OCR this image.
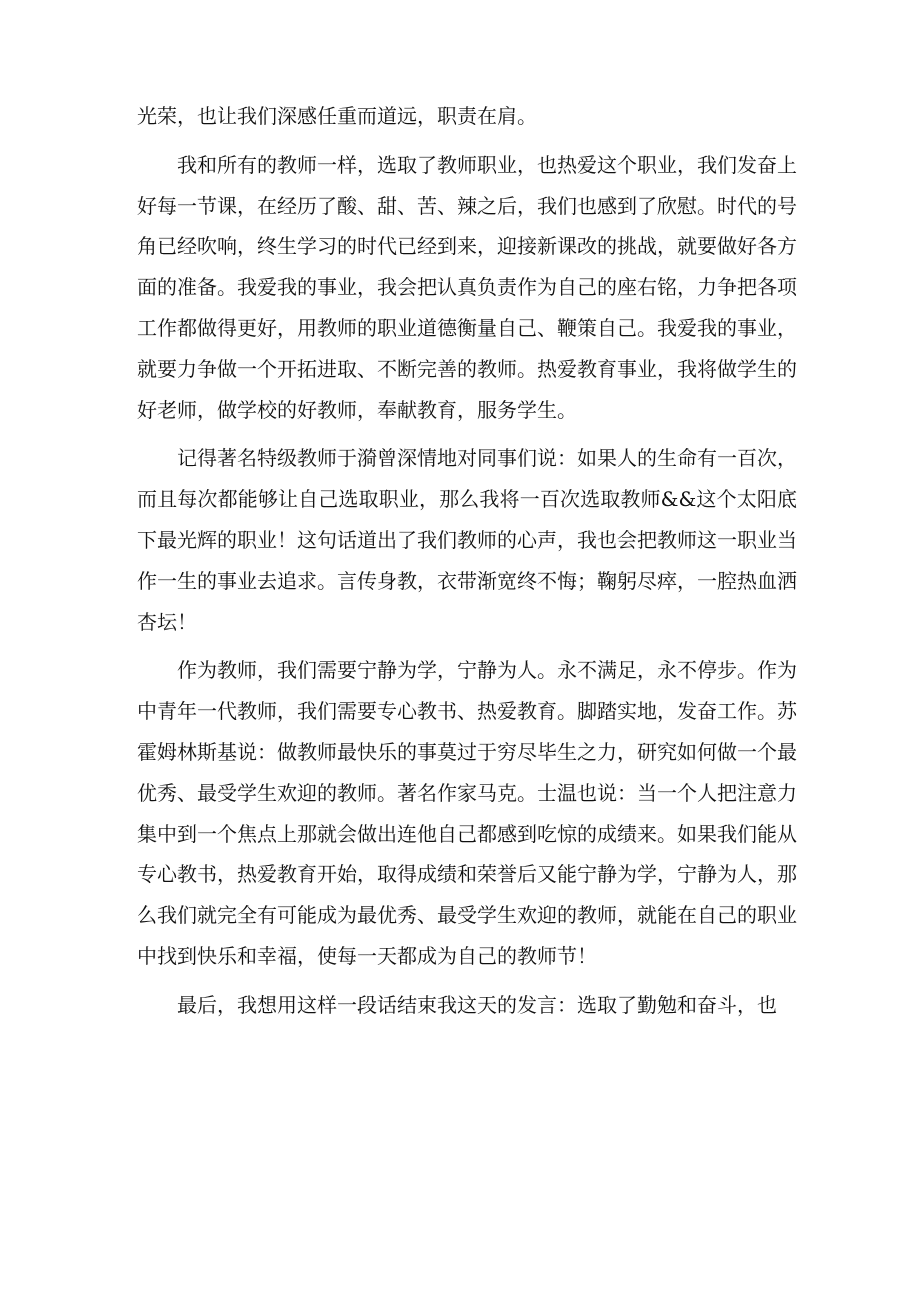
光荣，也让我们深感任重而道远，职责在肩。

我和所有的教师一样，选取了教师职业，也热爱这个职业，我们发奋上好每一节课，在经历了酸、甜、苦、辣之后，我们也感到了欣慰。时代的号角已经吹响，终生学习的时代已经到来，迎接新课改的挑战，就要做好各方面的准备。我爱我的事业，我会把认真负责作为自己的座右铭，力争把各项工作都做得更好，用教师的职业道德衡量自己、鞭策自己。我爱我的事业，就要力争做一个开拓进取、不断完善的教师。热爱教育事业，我将做学生的好老师，做学校的好教师，奉献教育，服务学生。

记得著名特级教师于漪曾深情地对同事们说：如果人的生命有一百次，而且每次都能够让自己选取职业，那么我将一百次选取教师&&这个太阳底下最光辉的职业！这句话道出了我们教师的心声，我也会把教师这一职业当作一生的事业去追求。言传身教，衣带渐宽终不悔；鞠躬尽瘁，一腔热血洒杏坛！

作为教师，我们需要宁静为学，宁静为人。永不满足，永不停步。作为中青年一代教师，我们需要专心教书、热爱教育。脚踏实地，发奋工作。苏霍姆林斯基说：做教师最快乐的事莫过于穷尽毕生之力，研究如何做一个最优秀、最受学生欢迎的教师。著名作家马克。士温也说：当一个人把注意力集中到一个焦点上那就会做出连他自己都感到吃惊的成绩来。如果我们能从专心教书，热爱教育开始，取得成绩和荣誉后又能宁静为学，宁静为人，那么我们就完全有可能成为最优秀、最受学生欢迎的教师，就能在自己的职业中找到快乐和幸福，使每一天都成为自己的教师节！

最后，我想用这样一段话结束我这天的发言：选取了勤勉和奋斗，也
